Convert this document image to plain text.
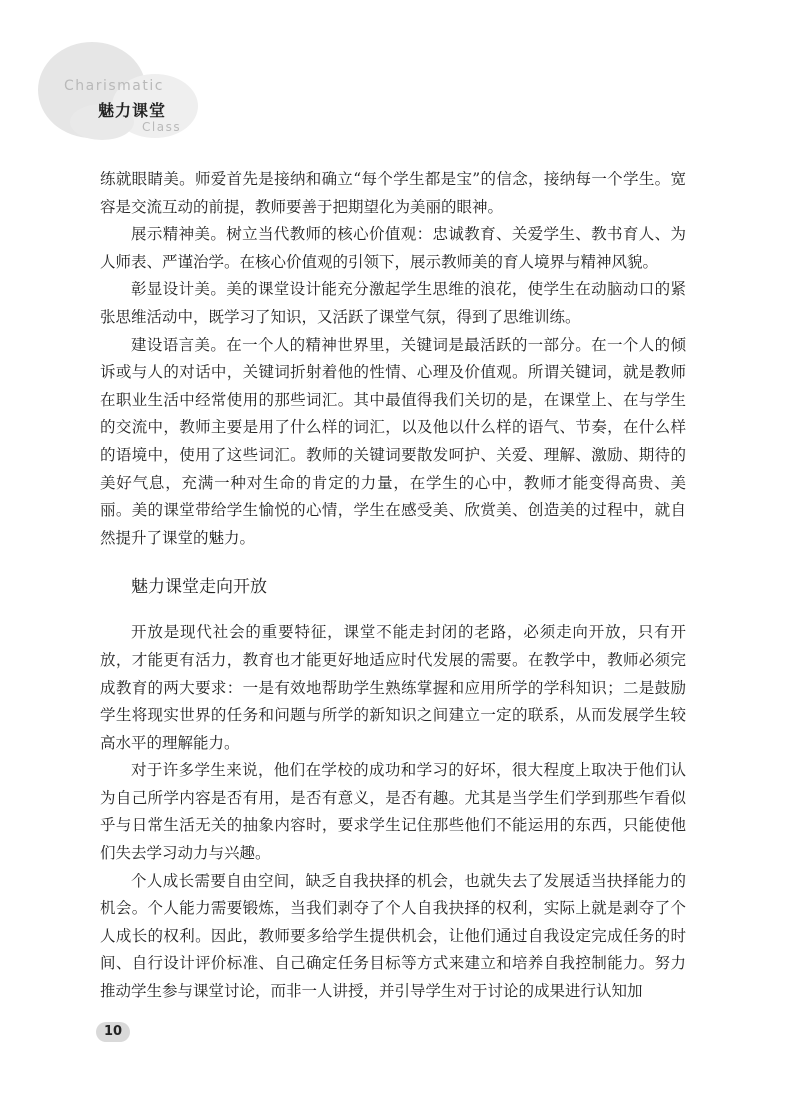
Charismatic
魅力课堂
Class

练就眼睛美。师爱首先是接纳和确立“每个学生都是宝”的信念，接纳每一个学生。宽容是交流互动的前提，教师要善于把期望化为美丽的眼神。

展示精神美。树立当代教师的核心价值观：忠诚教育、关爱学生、教书育人、为人师表、严谨治学。在核心价值观的引领下，展示教师美的育人境界与精神风貌。

彰显设计美。美的课堂设计能充分激起学生思维的浪花，使学生在动脑动口的紧张思维活动中，既学习了知识，又活跃了课堂气氛，得到了思维训练。

建设语言美。在一个人的精神世界里，关键词是最活跃的一部分。在一个人的倾诉或与人的对话中，关键词折射着他的性情、心理及价值观。所谓关键词，就是教师在职业生活中经常使用的那些词汇。其中最值得我们关切的是，在课堂上、在与学生的交流中，教师主要是用了什么样的词汇，以及他以什么样的语气、节奏，在什么样的语境中，使用了这些词汇。教师的关键词要散发呵护、关爱、理解、激励、期待的美好气息，充满一种对生命的肯定的力量，在学生的心中，教师才能变得高贵、美丽。美的课堂带给学生愉悦的心情，学生在感受美、欣赏美、创造美的过程中，就自然提升了课堂的魅力。

魅力课堂走向开放

开放是现代社会的重要特征，课堂不能走封闭的老路，必须走向开放，只有开放，才能更有活力，教育也才能更好地适应时代发展的需要。在教学中，教师必须完成教育的两大要求：一是有效地帮助学生熟练掌握和应用所学的学科知识；二是鼓励学生将现实世界的任务和问题与所学的新知识之间建立一定的联系，从而发展学生较高水平的理解能力。

对于许多学生来说，他们在学校的成功和学习的好坏，很大程度上取决于他们认为自己所学内容是否有用，是否有意义，是否有趣。尤其是当学生们学到那些乍看似乎与日常生活无关的抽象内容时，要求学生记住那些他们不能运用的东西，只能使他们失去学习动力与兴趣。

个人成长需要自由空间，缺乏自我抉择的机会，也就失去了发展适当抉择能力的机会。个人能力需要锻炼，当我们剥夺了个人自我抉择的权利，实际上就是剥夺了个人成长的权利。因此，教师要多给学生提供机会，让他们通过自我设定完成任务的时间、自行设计评价标准、自己确定任务目标等方式来建立和培养自我控制能力。努力推动学生参与课堂讨论，而非一人讲授，并引导学生对于讨论的成果进行认知加

10
